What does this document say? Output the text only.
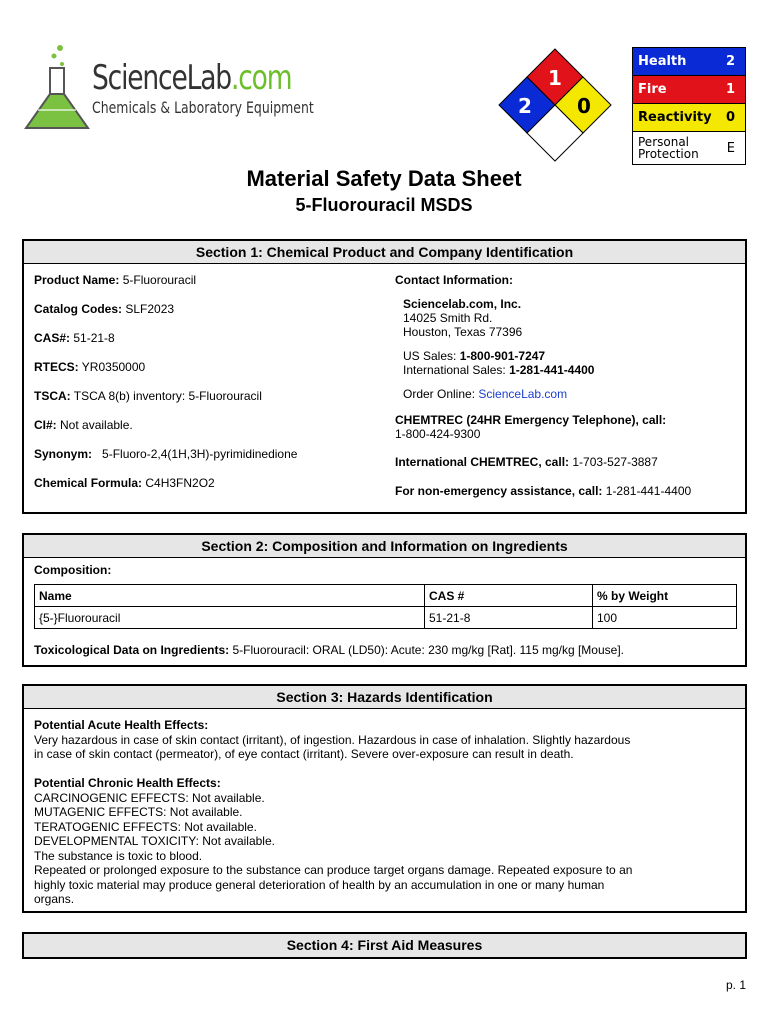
ScienceLab.com
Chemicals & Laboratory Equipment
1
2 0
Health	2
Fire	1
Reactivity 0
Personal
Protection E
Material Safety Data Sheet
5-Fluorouracil MSDS
Section 1: Chemical Product and Company Identification
Product Name: 5-Fluorouracil
Catalog Codes: SLF2023
CAS#: 51-21-8
RTECS: YR0350000
TSCA: TSCA 8(b) inventory: 5-Fluorouracil
CI#: Not available.
Synonym: 5-Fluoro-2,4(1H,3H)-pyrimidinedione
Chemical Formula: C4H3FN2O2
Contact Information:
Sciencelab.com, Inc.
14025 Smith Rd.
Houston, Texas 77396
US Sales: 1-800-901-7247
International Sales: 1-281-441-4400
Order Online: ScienceLab.com
CHEMTREC (24HR Emergency Telephone), call:
1-800-424-9300
International CHEMTREC, call: 1-703-527-3887
For non-emergency assistance, call: 1-281-441-4400
Section 2: Composition and Information on Ingredients
Composition:
Name	CAS #	% by Weight
{5-}Fluorouracil	51-21-8	100
Toxicological Data on Ingredients: 5-Fluorouracil: ORAL (LD50): Acute: 230 mg/kg [Rat]. 115 mg/kg [Mouse].
Section 3: Hazards Identification
Potential Acute Health Effects:
Very hazardous in case of skin contact (irritant), of ingestion. Hazardous in case of inhalation. Slightly hazardous
in case of skin contact (permeator), of eye contact (irritant). Severe over-exposure can result in death.
Potential Chronic Health Effects:
CARCINOGENIC EFFECTS: Not available.
MUTAGENIC EFFECTS: Not available.
TERATOGENIC EFFECTS: Not available.
DEVELOPMENTAL TOXICITY: Not available.
The substance is toxic to blood.
Repeated or prolonged exposure to the substance can produce target organs damage. Repeated exposure to an
highly toxic material may produce general deterioration of health by an accumulation in one or many human
organs.
Section 4: First Aid Measures
p. 1
